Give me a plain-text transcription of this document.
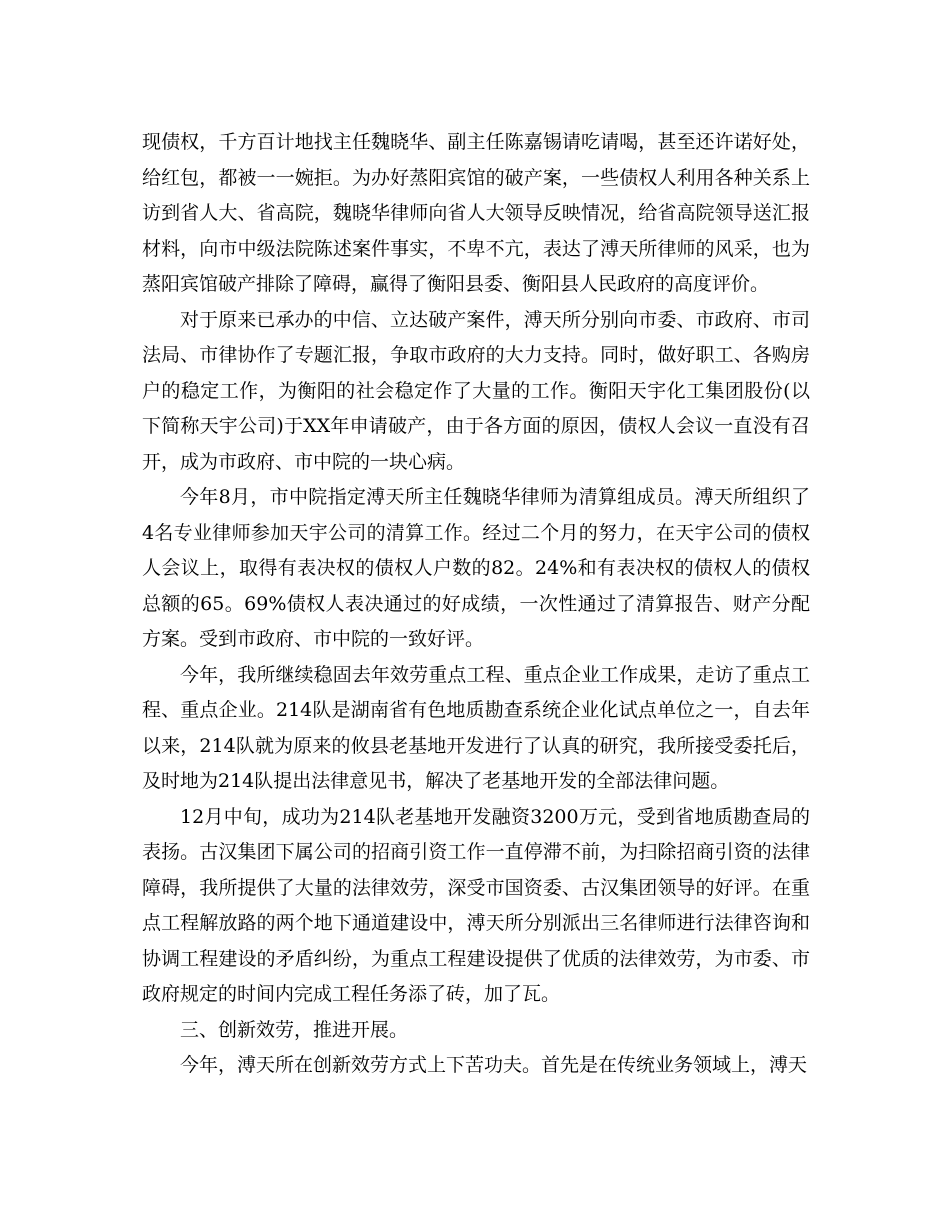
现债权，千方百计地找主任魏晓华、副主任陈嘉锡请吃请喝，甚至还许诺好处，给红包，都被一一婉拒。为办好蒸阳宾馆的破产案，一些债权人利用各种关系上访到省人大、省高院，魏晓华律师向省人大领导反映情况，给省高院领导送汇报材料，向市中级法院陈述案件事实，不卑不亢，表达了溥天所律师的风采，也为蒸阳宾馆破产排除了障碍，赢得了衡阳县委、衡阳县人民政府的高度评价。

对于原来已承办的中信、立达破产案件，溥天所分别向市委、市政府、市司法局、市律协作了专题汇报，争取市政府的大力支持。同时，做好职工、各购房户的稳定工作，为衡阳的社会稳定作了大量的工作。衡阳天宇化工集团股份(以下简称天宇公司)于XX年申请破产，由于各方面的原因，债权人会议一直没有召开，成为市政府、市中院的一块心病。

今年8月，市中院指定溥天所主任魏晓华律师为清算组成员。溥天所组织了4名专业律师参加天宇公司的清算工作。经过二个月的努力，在天宇公司的债权人会议上，取得有表决权的债权人户数的82。24%和有表决权的债权人的债权总额的65。69%债权人表决通过的好成绩，一次性通过了清算报告、财产分配方案。受到市政府、市中院的一致好评。

今年，我所继续稳固去年效劳重点工程、重点企业工作成果，走访了重点工程、重点企业。214队是湖南省有色地质勘查系统企业化试点单位之一，自去年以来，214队就为原来的攸县老基地开发进行了认真的研究，我所接受委托后，及时地为214队提出法律意见书，解决了老基地开发的全部法律问题。

12月中旬，成功为214队老基地开发融资3200万元，受到省地质勘查局的表扬。古汉集团下属公司的招商引资工作一直停滞不前，为扫除招商引资的法律障碍，我所提供了大量的法律效劳，深受市国资委、古汉集团领导的好评。在重点工程解放路的两个地下通道建设中，溥天所分别派出三名律师进行法律咨询和协调工程建设的矛盾纠纷，为重点工程建设提供了优质的法律效劳，为市委、市政府规定的时间内完成工程任务添了砖，加了瓦。

三、创新效劳，推进开展。

今年，溥天所在创新效劳方式上下苦功夫。首先是在传统业务领域上，溥天
